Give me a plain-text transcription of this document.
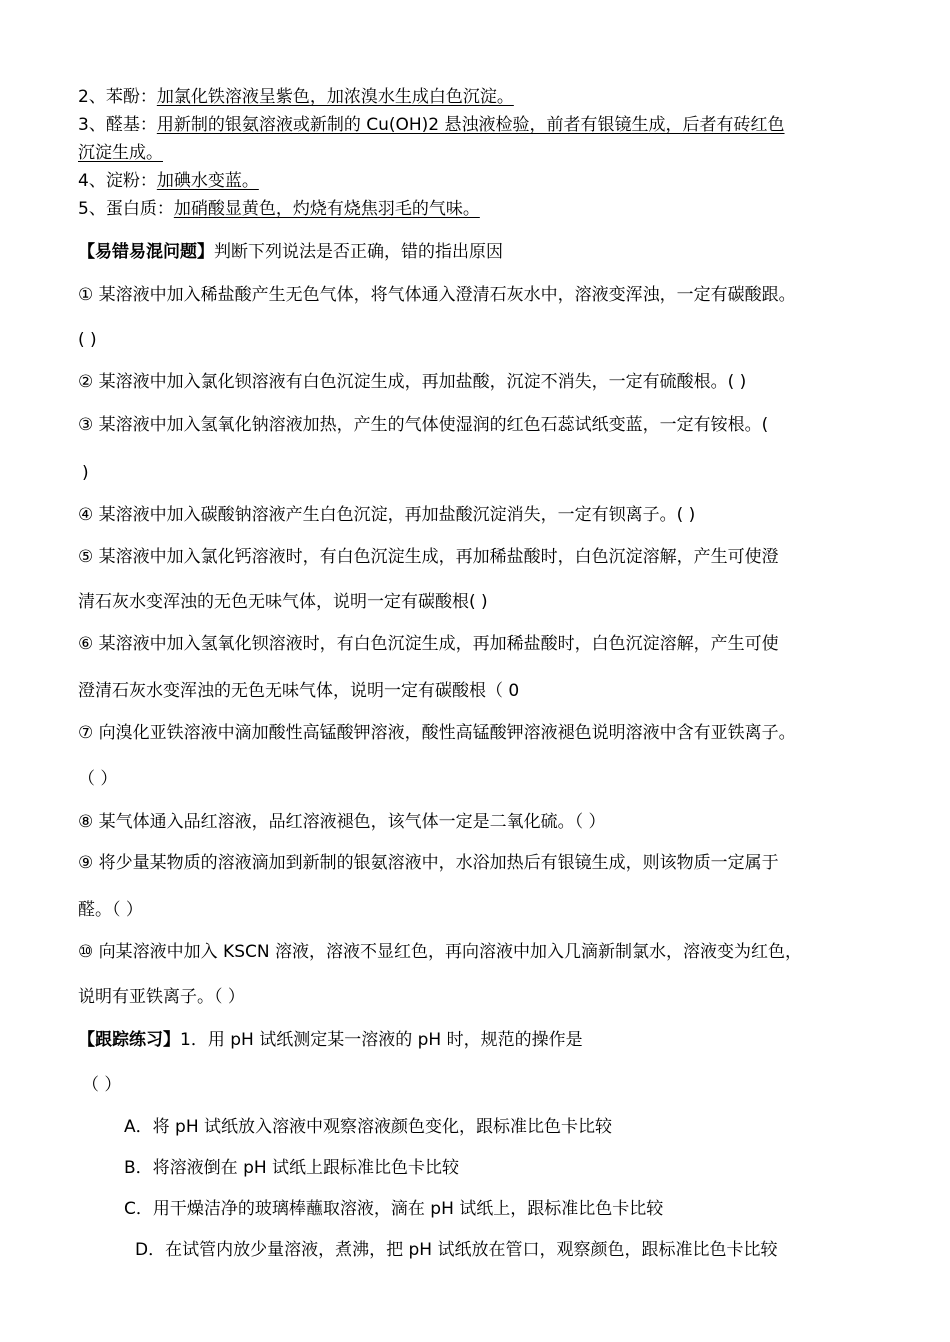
2、苯酚：加氯化铁溶液呈紫色，加浓溴水生成白色沉淀。
3、醛基：用新制的银氨溶液或新制的 Cu(OH)2 悬浊液检验，前者有银镜生成，后者有砖红色
沉淀生成。
4、淀粉：加碘水变蓝。
5、蛋白质：加硝酸显黄色，灼烧有烧焦羽毛的气味。
【易错易混问题】判断下列说法是否正确，错的指出原因
① 某溶液中加入稀盐酸产生无色气体，将气体通入澄清石灰水中，溶液变浑浊，一定有碳酸跟。
( )
② 某溶液中加入氯化钡溶液有白色沉淀生成，再加盐酸，沉淀不消失，一定有硫酸根。( )
③ 某溶液中加入氢氧化钠溶液加热，产生的气体使湿润的红色石蕊试纸变蓝，一定有铵根。(
)
④ 某溶液中加入碳酸钠溶液产生白色沉淀，再加盐酸沉淀消失，一定有钡离子。( )
⑤ 某溶液中加入氯化钙溶液时，有白色沉淀生成，再加稀盐酸时，白色沉淀溶解，产生可使澄
清石灰水变浑浊的无色无味气体，说明一定有碳酸根( )
⑥ 某溶液中加入氢氧化钡溶液时，有白色沉淀生成，再加稀盐酸时，白色沉淀溶解，产生可使
澄清石灰水变浑浊的无色无味气体，说明一定有碳酸根（ 0
⑦ 向溴化亚铁溶液中滴加酸性高锰酸钾溶液，酸性高锰酸钾溶液褪色说明溶液中含有亚铁离子。
（ ）
⑧ 某气体通入品红溶液，品红溶液褪色，该气体一定是二氧化硫。（ ）
⑨ 将少量某物质的溶液滴加到新制的银氨溶液中，水浴加热后有银镜生成，则该物质一定属于
醛。（ ）
⑩ 向某溶液中加入 KSCN 溶液，溶液不显红色，再向溶液中加入几滴新制氯水，溶液变为红色，
说明有亚铁离子。（ ）
【跟踪练习】1．用 pH 试纸测定某一溶液的 pH 时，规范的操作是
（ ）
A．将 pH 试纸放入溶液中观察溶液颜色变化，跟标准比色卡比较
B．将溶液倒在 pH 试纸上跟标准比色卡比较
C．用干燥洁净的玻璃棒蘸取溶液，滴在 pH 试纸上，跟标准比色卡比较
D．在试管内放少量溶液，煮沸，把 pH 试纸放在管口，观察颜色，跟标准比色卡比较
